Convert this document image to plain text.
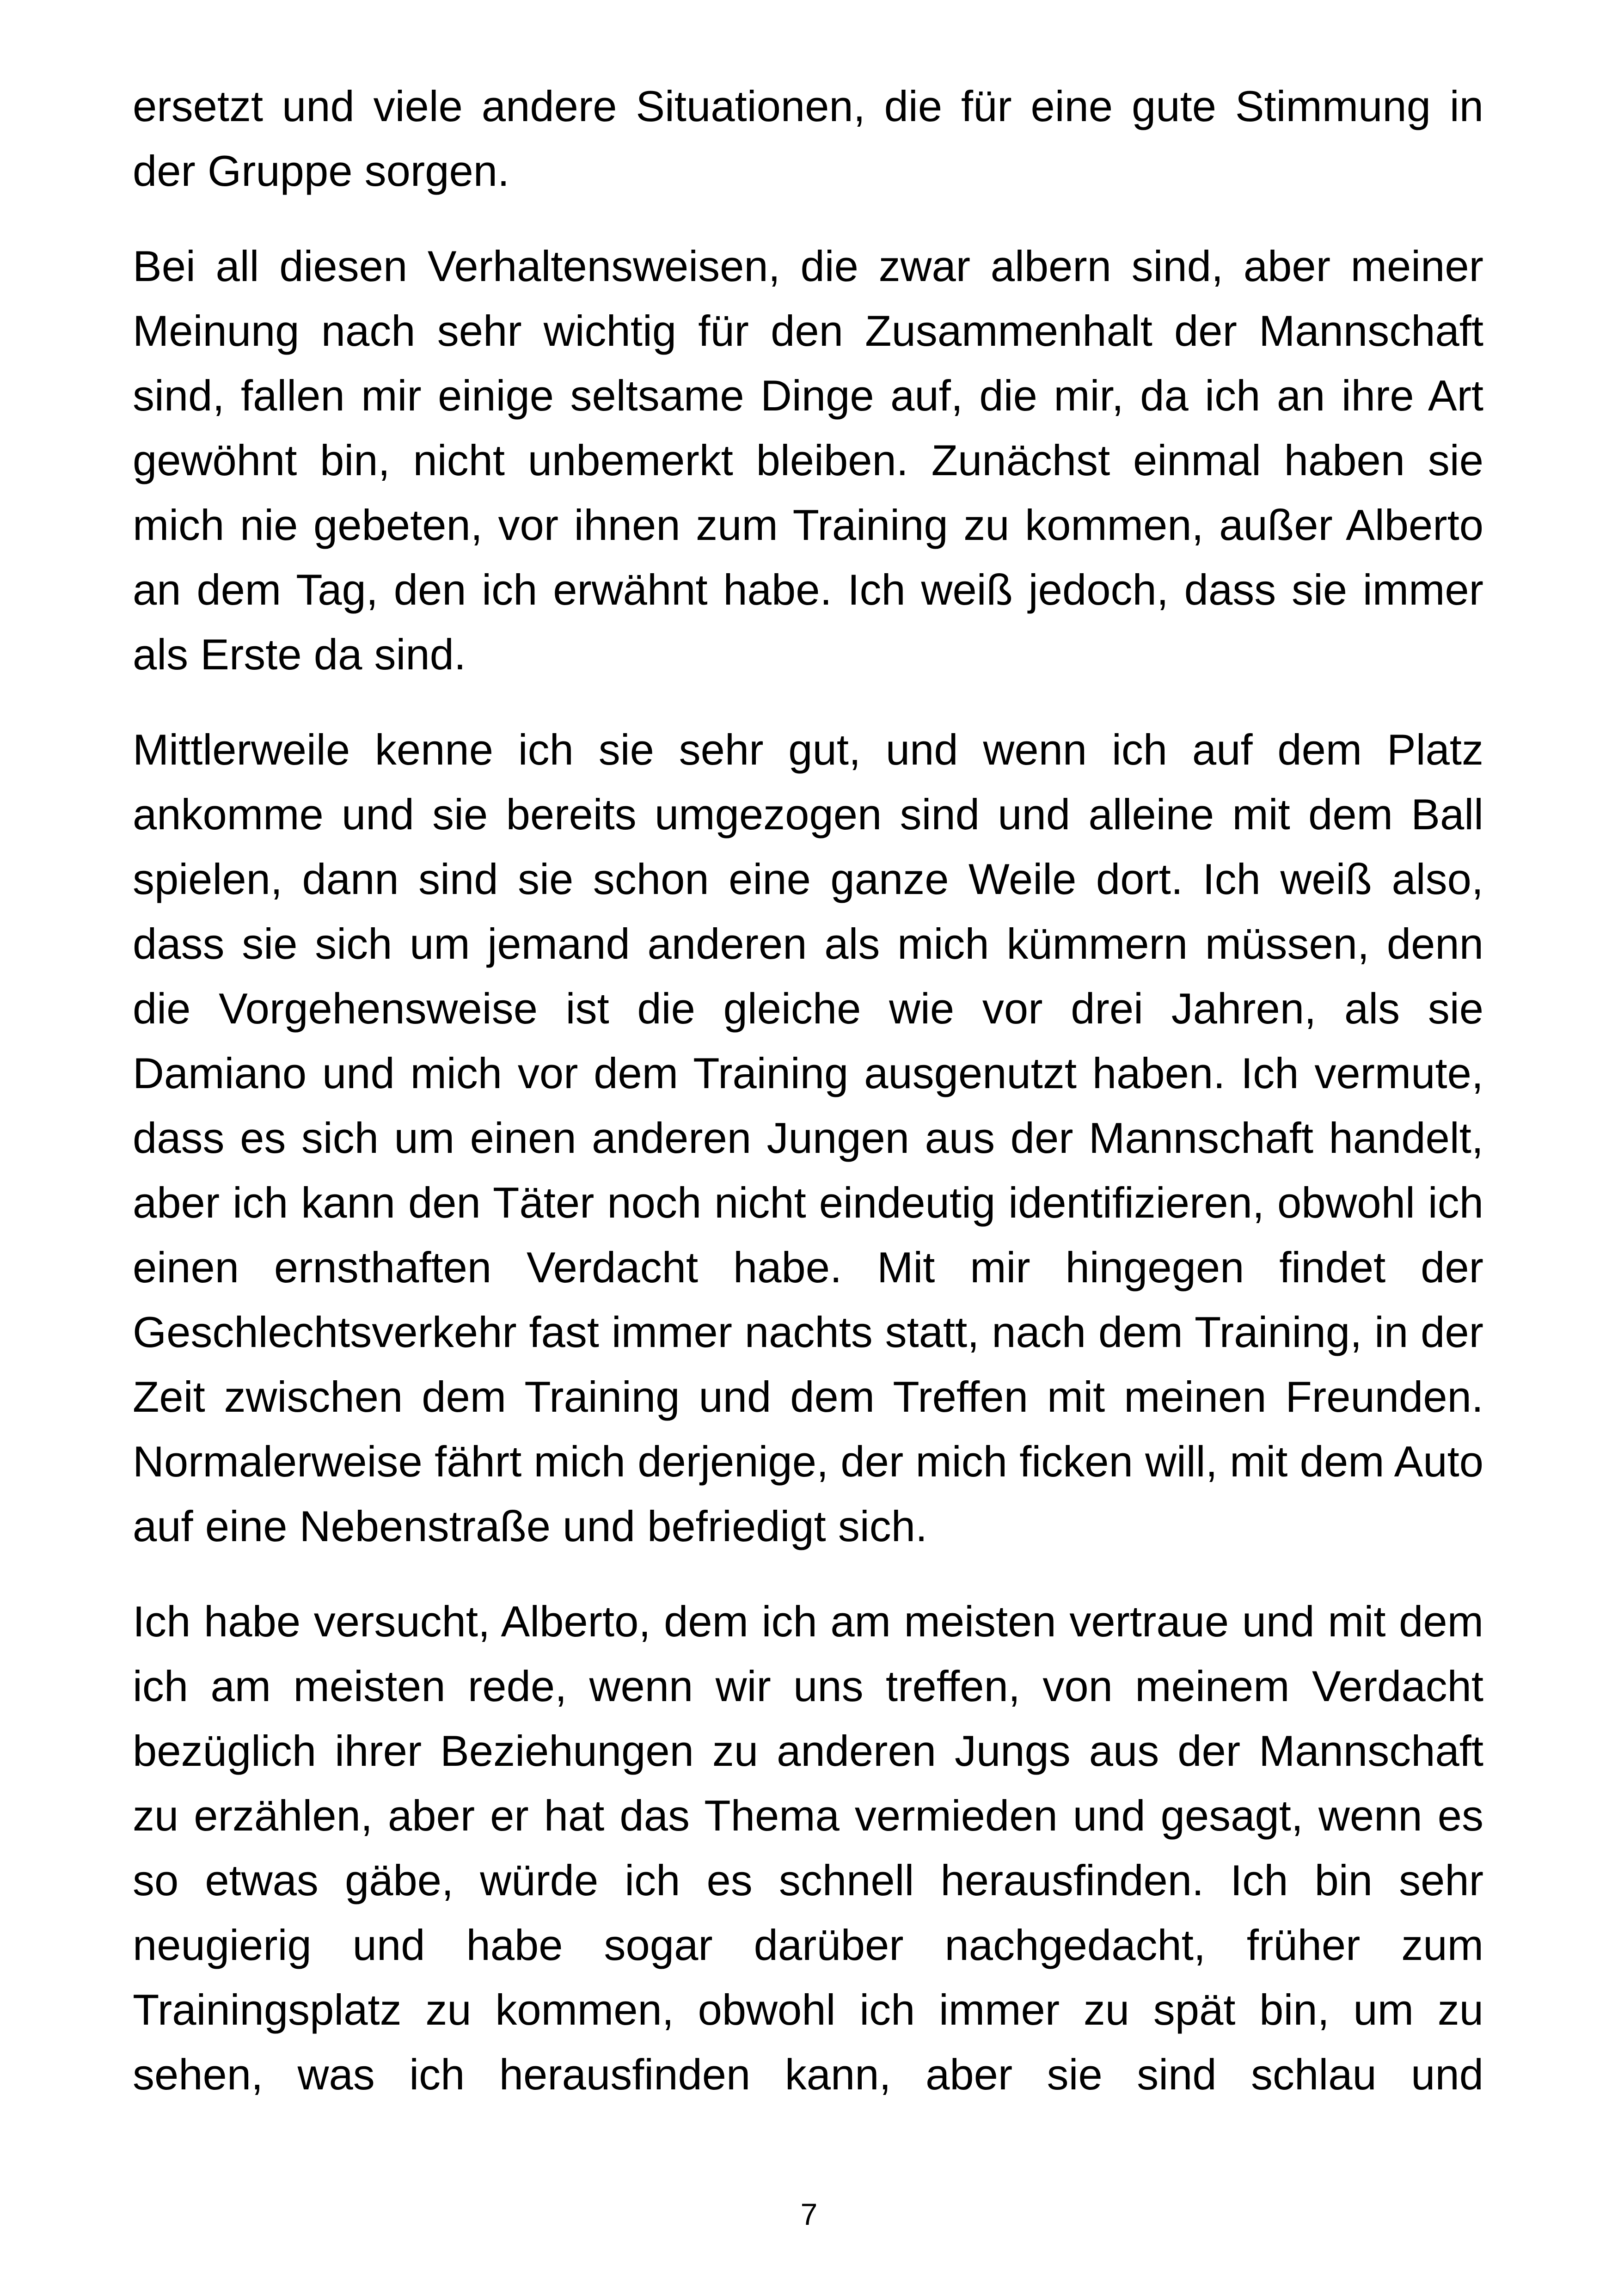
ersetzt und viele andere Situationen, die für eine gute Stimmung in der Gruppe sorgen.

Bei all diesen Verhaltensweisen, die zwar albern sind, aber meiner Meinung nach sehr wichtig für den Zusammenhalt der Mannschaft sind, fallen mir einige seltsame Dinge auf, die mir, da ich an ihre Art gewöhnt bin, nicht unbemerkt bleiben. Zunächst einmal haben sie mich nie gebeten, vor ihnen zum Training zu kommen, außer Alberto an dem Tag, den ich erwähnt habe. Ich weiß jedoch, dass sie immer als Erste da sind.

Mittlerweile kenne ich sie sehr gut, und wenn ich auf dem Platz ankomme und sie bereits umgezogen sind und alleine mit dem Ball spielen, dann sind sie schon eine ganze Weile dort. Ich weiß also, dass sie sich um jemand anderen als mich kümmern müssen, denn die Vorgehensweise ist die gleiche wie vor drei Jahren, als sie Damiano und mich vor dem Training ausgenutzt haben. Ich vermute, dass es sich um einen anderen Jungen aus der Mannschaft handelt, aber ich kann den Täter noch nicht eindeutig identifizieren, obwohl ich einen ernsthaften Verdacht habe. Mit mir hingegen findet der Geschlechtsverkehr fast immer nachts statt, nach dem Training, in der Zeit zwischen dem Training und dem Treffen mit meinen Freunden. Normalerweise fährt mich derjenige, der mich ficken will, mit dem Auto auf eine Nebenstraße und befriedigt sich.

Ich habe versucht, Alberto, dem ich am meisten vertraue und mit dem ich am meisten rede, wenn wir uns treffen, von meinem Verdacht bezüglich ihrer Beziehungen zu anderen Jungs aus der Mannschaft zu erzählen, aber er hat das Thema vermieden und gesagt, wenn es so etwas gäbe, würde ich es schnell herausfinden. Ich bin sehr neugierig und habe sogar darüber nachgedacht, früher zum Trainingsplatz zu kommen, obwohl ich immer zu spät bin, um zu sehen, was ich herausfinden kann, aber sie sind schlau und

7
